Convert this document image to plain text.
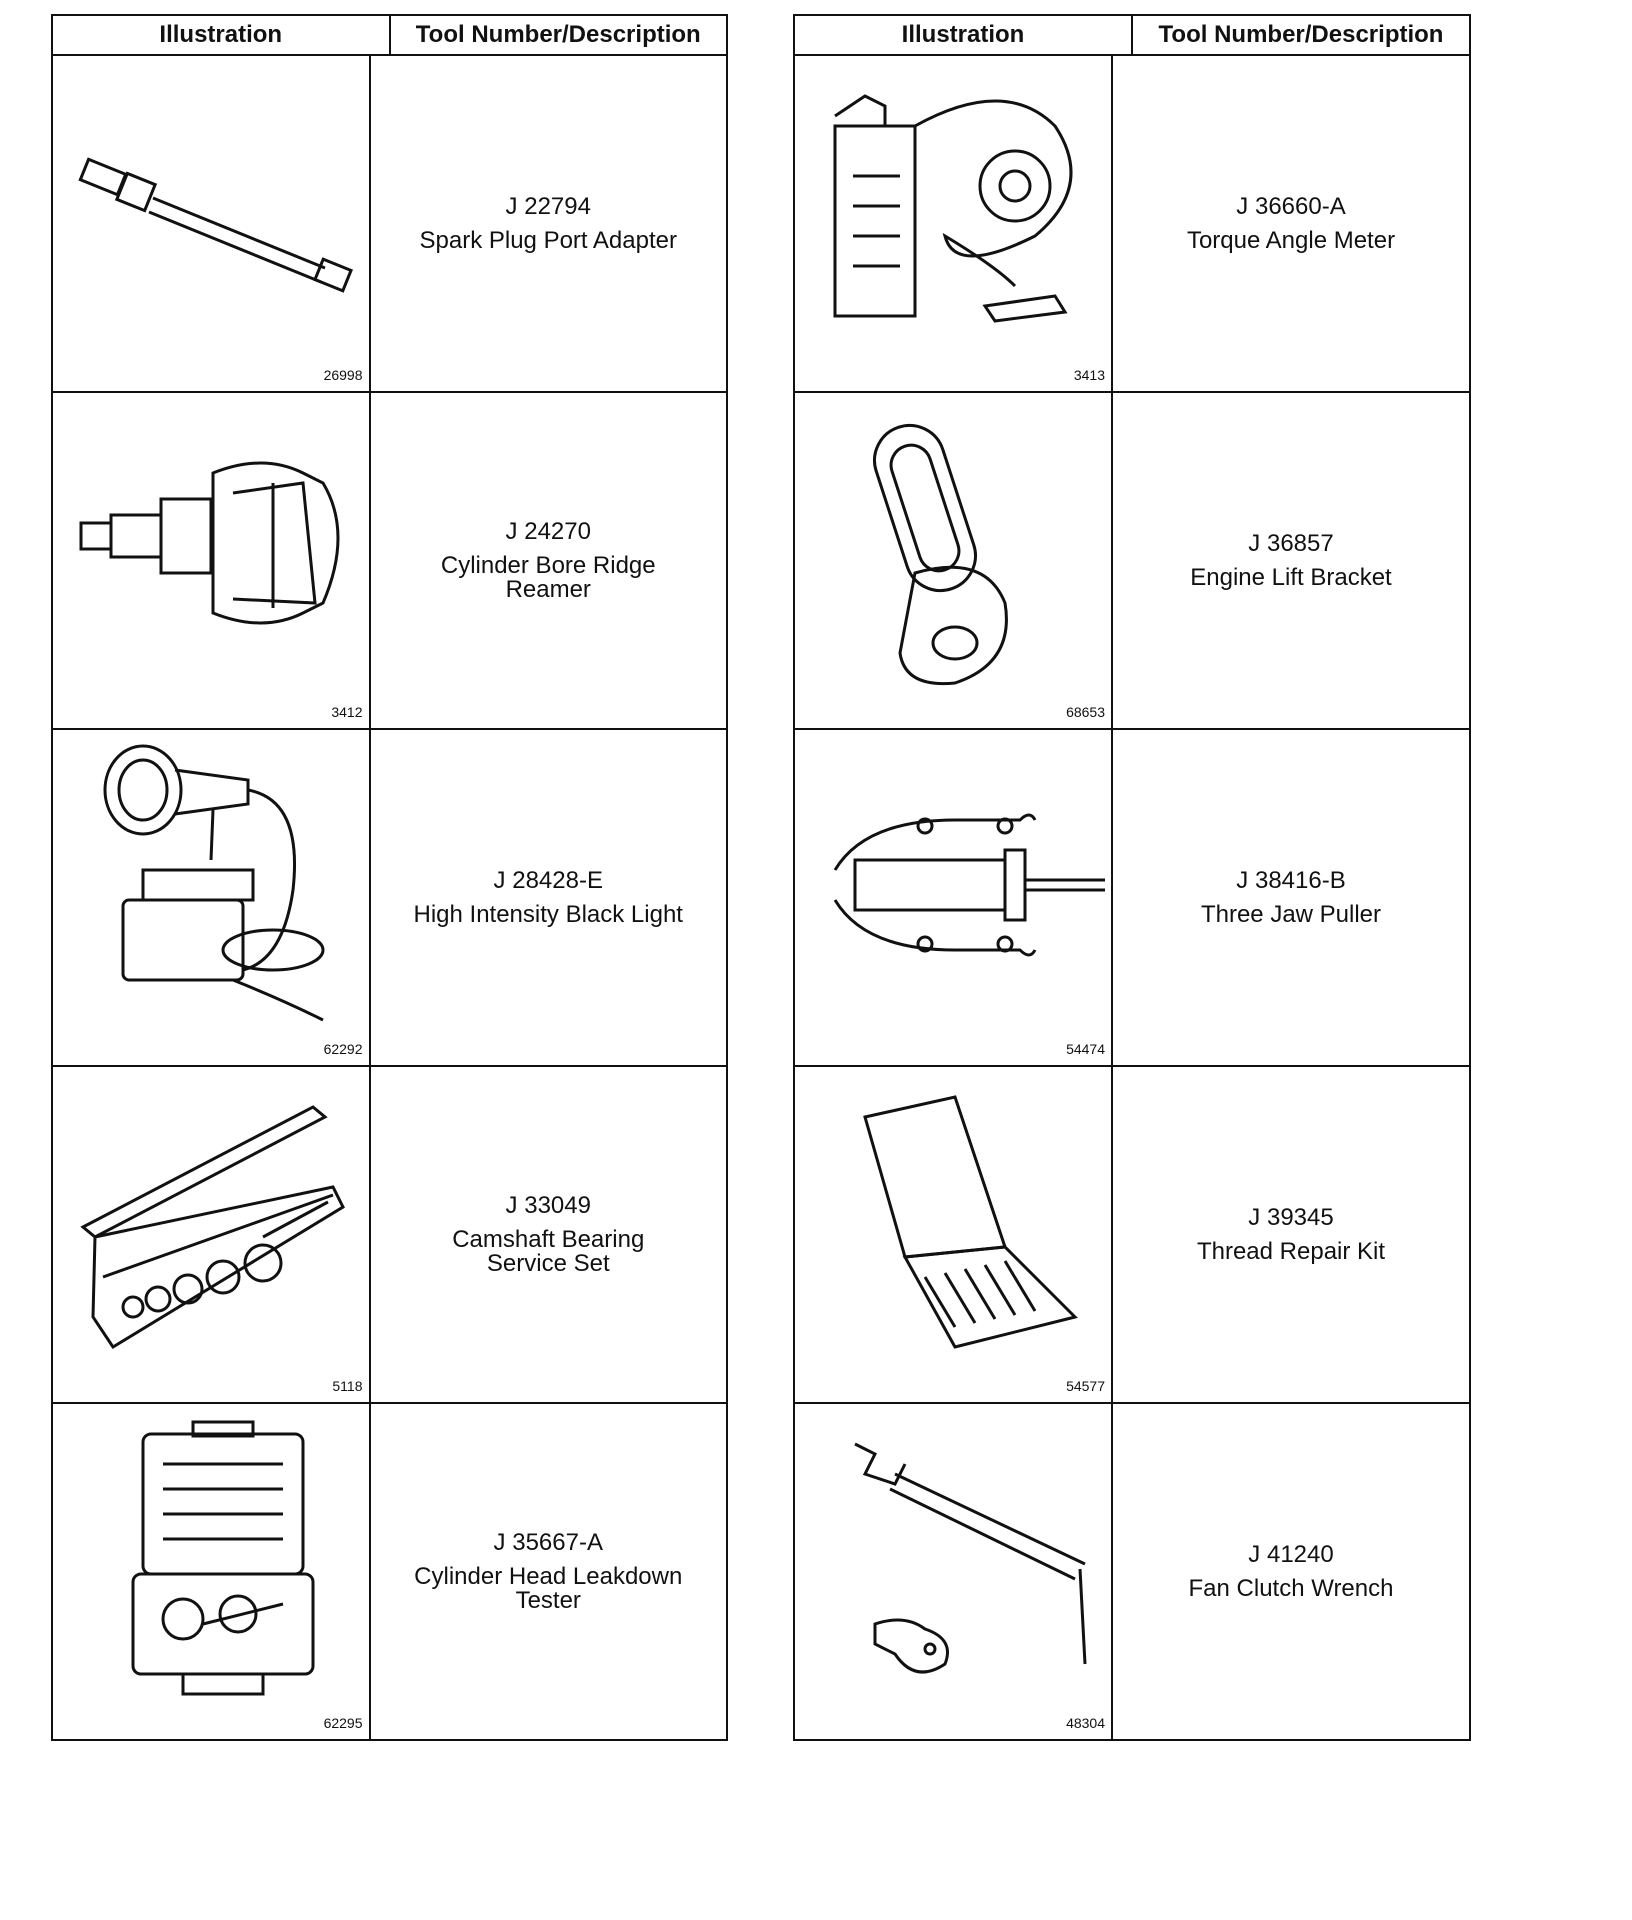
Illustration	Tool Number/Description
26998
J 22794
Spark Plug Port Adapter
3412
J 24270
Cylinder Bore Ridge
Reamer
62292
J 28428-E
High Intensity Black Light
5118
J 33049
Camshaft Bearing
Service Set
62295
J 35667-A
Cylinder Head Leakdown
Tester
Illustration	Tool Number/Description
3413
J 36660-A
Torque Angle Meter
68653
J 36857
Engine Lift Bracket
54474
J 38416-B
Three Jaw Puller
54577
J 39345
Thread Repair Kit
48304
J 41240
Fan Clutch Wrench
